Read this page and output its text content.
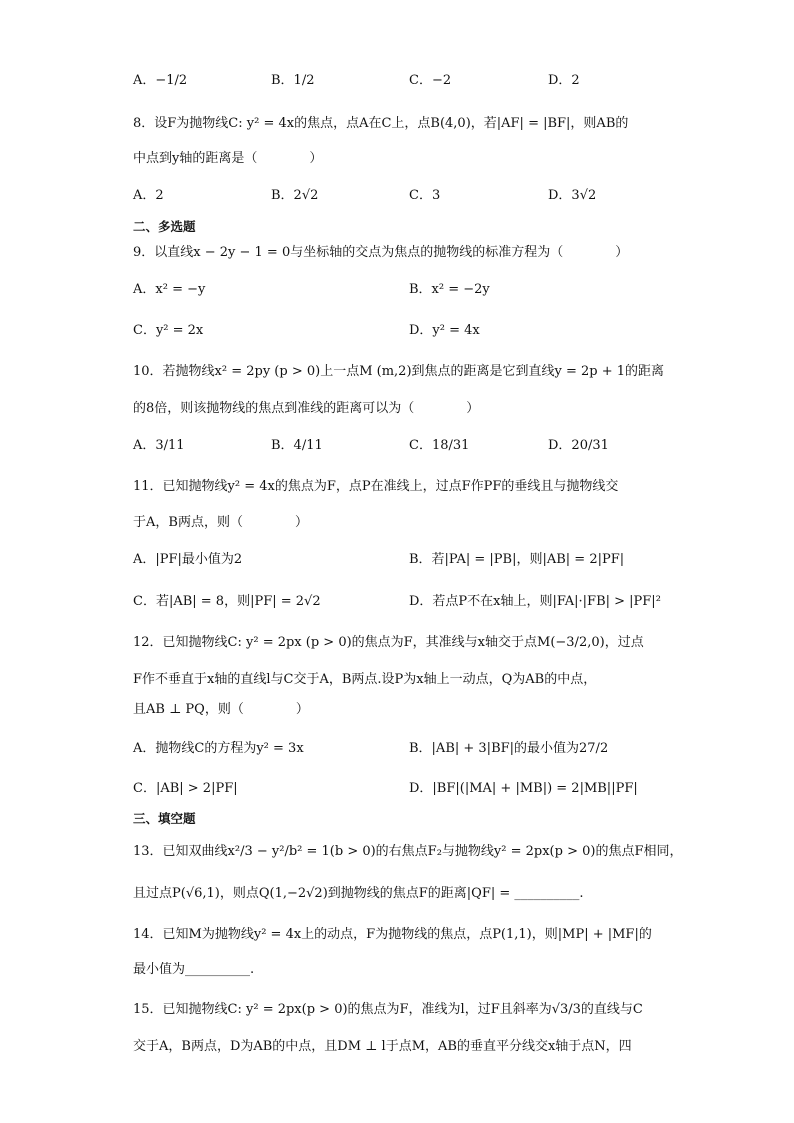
A．−1/2	B．1/2	C．−2	D．2
8．设F为抛物线C: y² = 4x的焦点，点A在C上，点B(4,0)，若|AF| = |BF|，则AB的
中点到y轴的距离是（　　　　）
A．2	B．2√2	C．3	D．3√2
二、多选题
9．以直线x − 2y − 1 = 0与坐标轴的交点为焦点的抛物线的标准方程为（　　　　）
A．x² = −y	B．x² = −2y
C．y² = 2x	D．y² = 4x
10．若抛物线x² = 2py (p > 0)上一点M (m,2)到焦点的距离是它到直线y = 2p + 1的距离
的8倍，则该抛物线的焦点到准线的距离可以为（　　　　）
A．3/11	B．4/11	C．18/31	D．20/31
11．已知抛物线y² = 4x的焦点为F，点P在准线上，过点F作PF的垂线且与抛物线交
于A，B两点，则（　　　　）
A．|PF|最小值为2	B．若|PA| = |PB|，则|AB| = 2|PF|
C．若|AB| = 8，则|PF| = 2√2	D．若点P不在x轴上，则|FA|·|FB| > |PF|²
12．已知抛物线C: y² = 2px (p > 0)的焦点为F，其准线与x轴交于点M(−3/2,0)，过点
F作不垂直于x轴的直线l与C交于A，B两点.设P为x轴上一动点，Q为AB的中点，
且AB ⊥ PQ，则（　　　　）
A．抛物线C的方程为y² = 3x	B．|AB| + 3|BF|的最小值为27/2
C．|AB| > 2|PF|	D．|BF|(|MA| + |MB|) = 2|MB||PF|
三、填空题
13．已知双曲线x²/3 − y²/b² = 1(b > 0)的右焦点F₂与抛物线y² = 2px(p > 0)的焦点F相同，
且过点P(√6,1)，则点Q(1,−2√2)到抛物线的焦点F的距离|QF| = __________.
14．已知M为抛物线y² = 4x上的动点，F为抛物线的焦点，点P(1,1)，则|MP| + |MF|的
最小值为__________.
15．已知抛物线C: y² = 2px(p > 0)的焦点为F，准线为l，过F且斜率为√3/3的直线与C
交于A，B两点，D为AB的中点，且DM ⊥ l于点M，AB的垂直平分线交x轴于点N，四
